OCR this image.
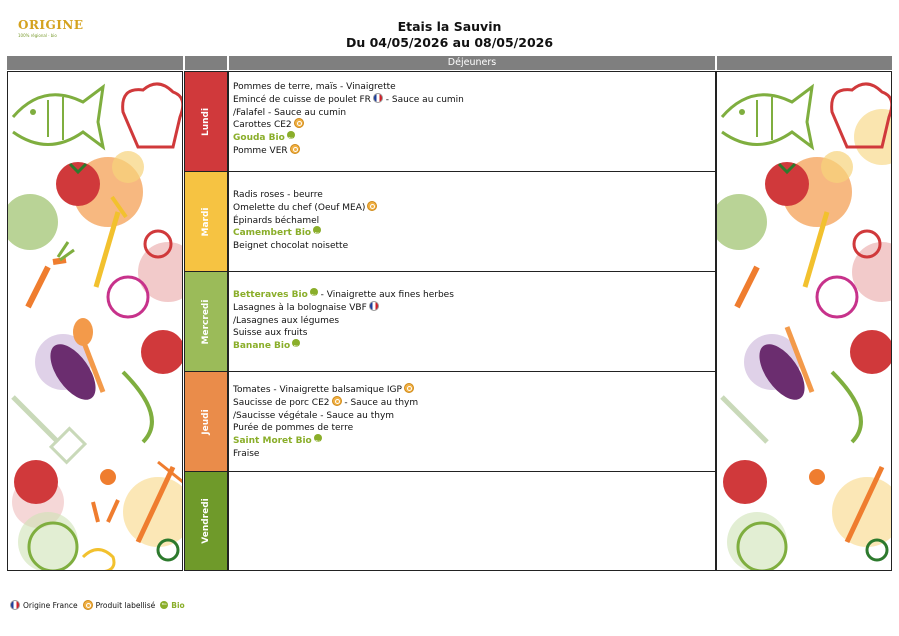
ORIGINE
100% régional · bio
Etais la Sauvin
Du 04/05/2026 au 08/05/2026
Déjeuners
Lundi
Pommes de terre, maïs - Vinaigrette
Emincé de cuisse de poulet FR - Sauce au cumin
/Falafel - Sauce au cumin
Carottes CE2
Gouda BioBio
Pomme VER
Mardi
Radis roses - beurre
Omelette du chef (Oeuf MEA)
Épinards béchamel
Camembert BioBio
Beignet chocolat noisette
Mercredi
Betteraves BioBio - Vinaigrette aux fines herbes
Lasagnes à la bolognaise VBF
/Lasagnes aux légumes
Suisse aux fruits
Banane BioBio
Jeudi
Tomates - Vinaigrette balsamique IGP
Saucisse de porc CE2 - Sauce au thym
/Saucisse végétale - Sauce au thym
Purée de pommes de terre
Saint Moret BioBio
Fraise
Vendredi
Origine France Produit labellisé
Bio Bio
